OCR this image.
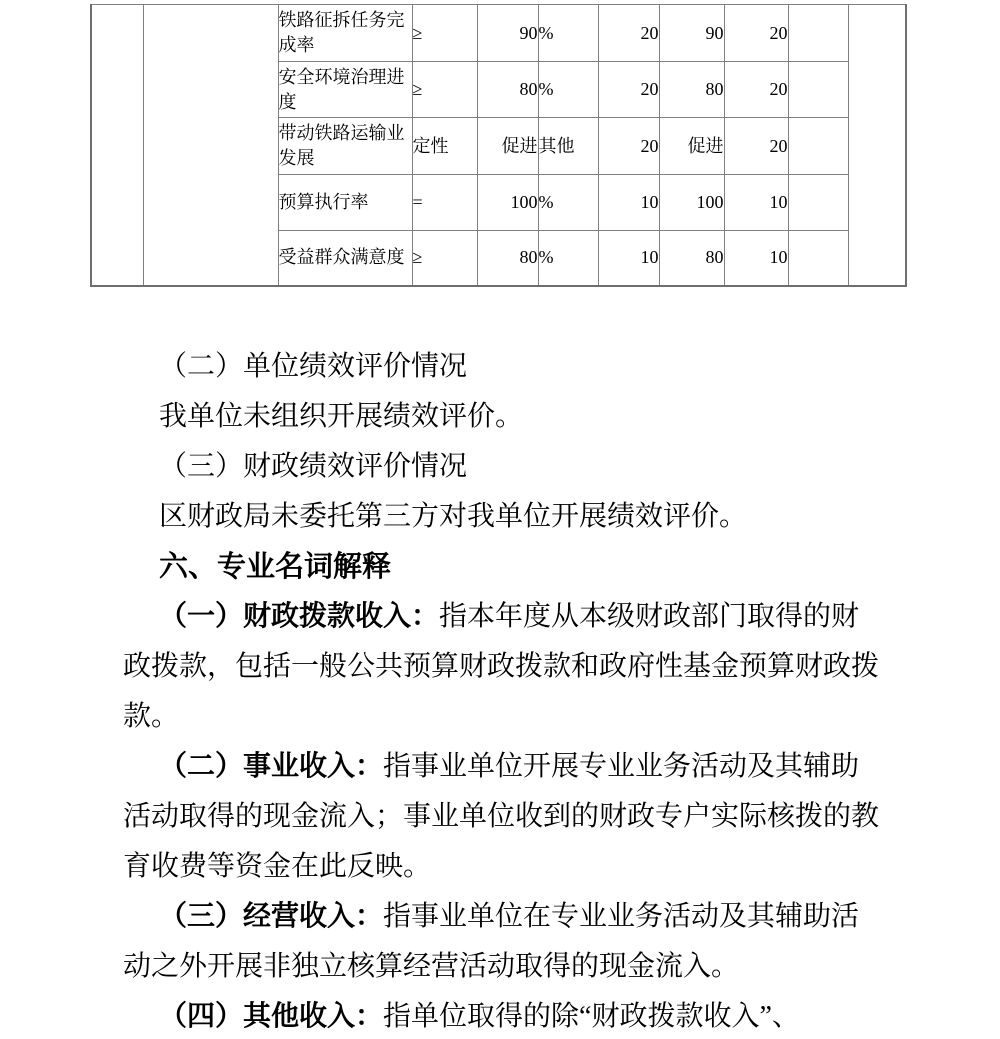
		铁路征拆任务完成率	≥	90	%	20	90	20		
		安全环境治理进度	≥	80	%	20	80	20		
		带动铁路运输业发展	定性	促进	其他	20	促进	20		
		预算执行率	=	100	%	10	100	10		
		受益群众满意度	≥	80	%	10	80	10		
（二）单位绩效评价情况
我单位未组织开展绩效评价。
（三）财政绩效评价情况
区财政局未委托第三方对我单位开展绩效评价。
六、专业名词解释
（一）财政拨款收入：指本年度从本级财政部门取得的财
政拨款，包括一般公共预算财政拨款和政府性基金预算财政拨
款。
（二）事业收入：指事业单位开展专业业务活动及其辅助
活动取得的现金流入；事业单位收到的财政专户实际核拨的教
育收费等资金在此反映。
（三）经营收入：指事业单位在专业业务活动及其辅助活
动之外开展非独立核算经营活动取得的现金流入。
（四）其他收入：指单位取得的除“财政拨款收入”、
